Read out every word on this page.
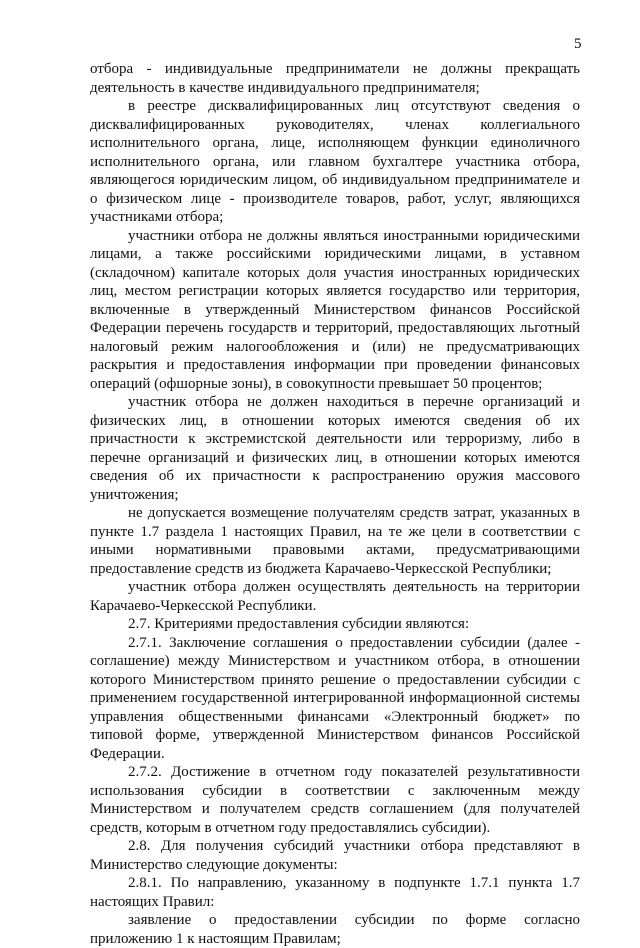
5

отбора - индивидуальные предприниматели не должны прекращать деятельность в качестве индивидуального предпринимателя;

в реестре дисквалифицированных лиц отсутствуют сведения о дисквалифицированных руководителях, членах коллегиального исполнительного органа, лице, исполняющем функции единоличного исполнительного органа, или главном бухгалтере участника отбора, являющегося юридическим лицом, об индивидуальном предпринимателе и о физическом лице - производителе товаров, работ, услуг, являющихся участниками отбора;

участники отбора не должны являться иностранными юридическими лицами, а также российскими юридическими лицами, в уставном (складочном) капитале которых доля участия иностранных юридических лиц, местом регистрации которых является государство или территория, включенные в утвержденный Министерством финансов Российской Федерации перечень государств и территорий, предоставляющих льготный налоговый режим налогообложения и (или) не предусматривающих раскрытия и предоставления информации при проведении финансовых операций (офшорные зоны), в совокупности превышает 50 процентов;

участник отбора не должен находиться в перечне организаций и физических лиц, в отношении которых имеются сведения об их причастности к экстремистской деятельности или терроризму, либо в перечне организаций и физических лиц, в отношении которых имеются сведения об их причастности к распространению оружия массового уничтожения;

не допускается возмещение получателям средств затрат, указанных в пункте 1.7 раздела 1 настоящих Правил, на те же цели в соответствии с иными нормативными правовыми актами, предусматривающими предоставление средств из бюджета Карачаево-Черкесской Республики;

участник отбора должен осуществлять деятельность на территории Карачаево-Черкесской Республики.

2.7. Критериями предоставления субсидии являются:

2.7.1. Заключение соглашения о предоставлении субсидии (далее - соглашение) между Министерством и участником отбора, в отношении которого Министерством принято решение о предоставлении субсидии с применением государственной интегрированной информационной системы управления общественными финансами «Электронный бюджет» по типовой форме, утвержденной Министерством финансов Российской Федерации.

2.7.2. Достижение в отчетном году показателей результативности использования субсидии в соответствии с заключенным между Министерством и получателем средств соглашением (для получателей средств, которым в отчетном году предоставлялись субсидии).

2.8. Для получения субсидий участники отбора представляют в Министерство следующие документы:

2.8.1. По направлению, указанному в подпункте 1.7.1 пункта 1.7 настоящих Правил:

заявление о предоставлении субсидии по форме согласно приложению 1 к настоящим Правилам;
